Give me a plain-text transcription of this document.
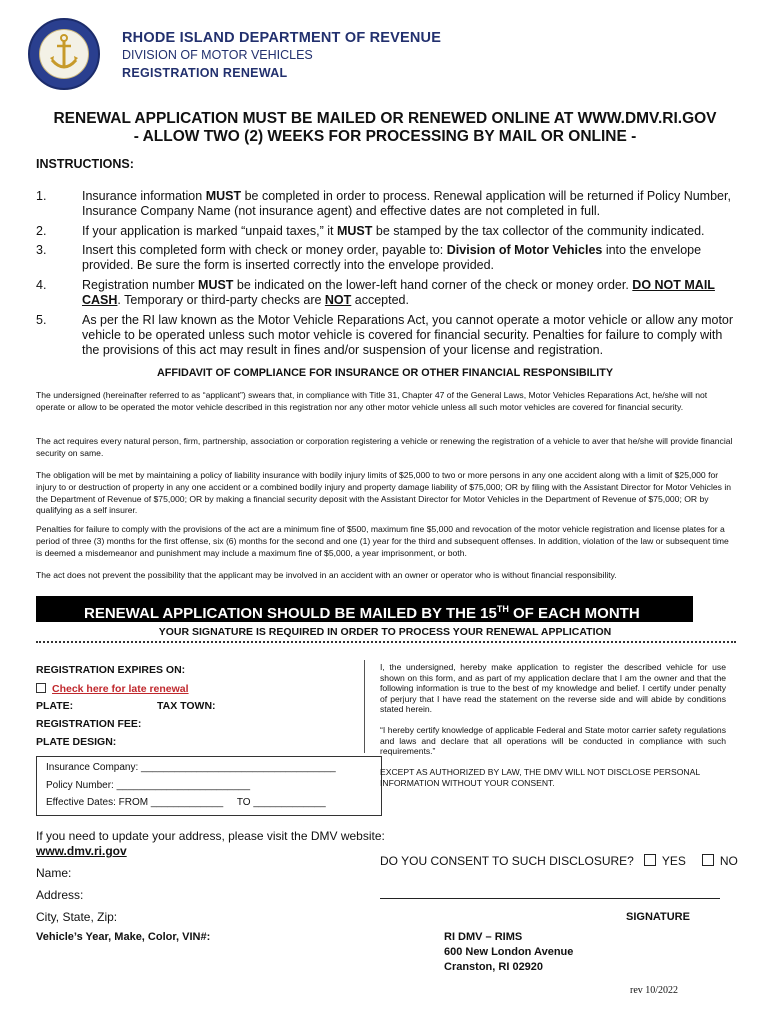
RHODE ISLAND DEPARTMENT OF REVENUE
DIVISION OF MOTOR VEHICLES
REGISTRATION RENEWAL
RENEWAL APPLICATION MUST BE MAILED OR RENEWED ONLINE AT WWW.DMV.RI.GOV
- ALLOW TWO (2) WEEKS FOR PROCESSING BY MAIL OR ONLINE -
INSTRUCTIONS:
1.	Insurance information MUST be completed in order to process. Renewal application will be returned if Policy Number, Insurance Company Name (not insurance agent) and effective dates are not completed in full.
2.	If your application is marked “unpaid taxes,” it MUST be stamped by the tax collector of the community indicated.
3.	Insert this completed form with check or money order, payable to: Division of Motor Vehicles into the envelope provided. Be sure the form is inserted correctly into the envelope provided.
4.	Registration number MUST be indicated on the lower-left hand corner of the check or money order. DO NOT MAIL CASH. Temporary or third-party checks are NOT accepted.
5.	As per the RI law known as the Motor Vehicle Reparations Act, you cannot operate a motor vehicle or allow any motor vehicle to be operated unless such motor vehicle is covered for financial security. Penalties for failure to comply with the provisions of this act may result in fines and/or suspension of your license and registration.
AFFIDAVIT OF COMPLIANCE FOR INSURANCE OR OTHER FINANCIAL RESPONSIBILITY
The undersigned (hereinafter referred to as “applicant”) swears that, in compliance with Title 31, Chapter 47 of the General Laws, Motor Vehicles Reparations Act, he/she will not operate or allow to be operated the motor vehicle described in this registration nor any other motor vehicle unless all such motor vehicles are covered for financial security.
The act requires every natural person, firm, partnership, association or corporation registering a vehicle or renewing the registration of a vehicle to aver that he/she will provide financial security on same.
The obligation will be met by maintaining a policy of liability insurance with bodily injury limits of $25,000 to two or more persons in any one accident along with a limit of $25,000 for injury to or destruction of property in any one accident or a combined bodily injury and property damage liability of $75,000; OR by filing with the Assistant Director for Motor Vehicles in the Department of Revenue of $75,000; OR by making a financial security deposit with the Assistant Director for Motor Vehicles in the Department of Revenue of $75,000; OR by qualifying as a self insurer.
Penalties for failure to comply with the provisions of the act are a minimum fine of $500, maximum fine $5,000 and revocation of the motor vehicle registration and license plates for a period of three (3) months for the first offense, six (6) months for the second and one (1) year for the third and subsequent offenses. In addition, violation of the law or subsequent time is deemed a misdemeanor and punishment may include a maximum fine of $5,000, a year imprisonment, or both.
The act does not prevent the possibility that the applicant may be involved in an accident with an owner or operator who is without financial responsibility.
RENEWAL APPLICATION SHOULD BE MAILED BY THE 15TH OF EACH MONTH
YOUR SIGNATURE IS REQUIRED IN ORDER TO PROCESS YOUR RENEWAL APPLICATION
REGISTRATION EXPIRES ON:
Check here for late renewal
PLATE:	TAX TOWN:
REGISTRATION FEE:
PLATE DESIGN:
Insurance Company: ___________________________________
Policy Number: ________________________
Effective Dates: FROM _____________     TO _____________
I, the undersigned, hereby make application to register the described vehicle for use shown on this form, and as part of my application declare that I am the owner and that the following information is true to the best of my knowledge and belief. I certify under penalty of perjury that I have read the statement on the reverse side and will abide by conditions stated herein.
“I hereby certify knowledge of applicable Federal and State motor carrier safety regulations and laws and declare that all operations will be conducted in compliance with such requirements.”
EXCEPT AS AUTHORIZED BY LAW, THE DMV WILL NOT DISCLOSE PERSONAL INFORMATION WITHOUT YOUR CONSENT.
DO YOU CONSENT TO SUCH DISCLOSURE? YES	NO
SIGNATURE
If you need to update your address, please visit the DMV website:
www.dmv.ri.gov
Name:
Address:
City, State, Zip:
Vehicle’s Year, Make, Color, VIN#:	RI DMV – RIMS
600 New London Avenue
Cranston, RI 02920
rev 10/2022
